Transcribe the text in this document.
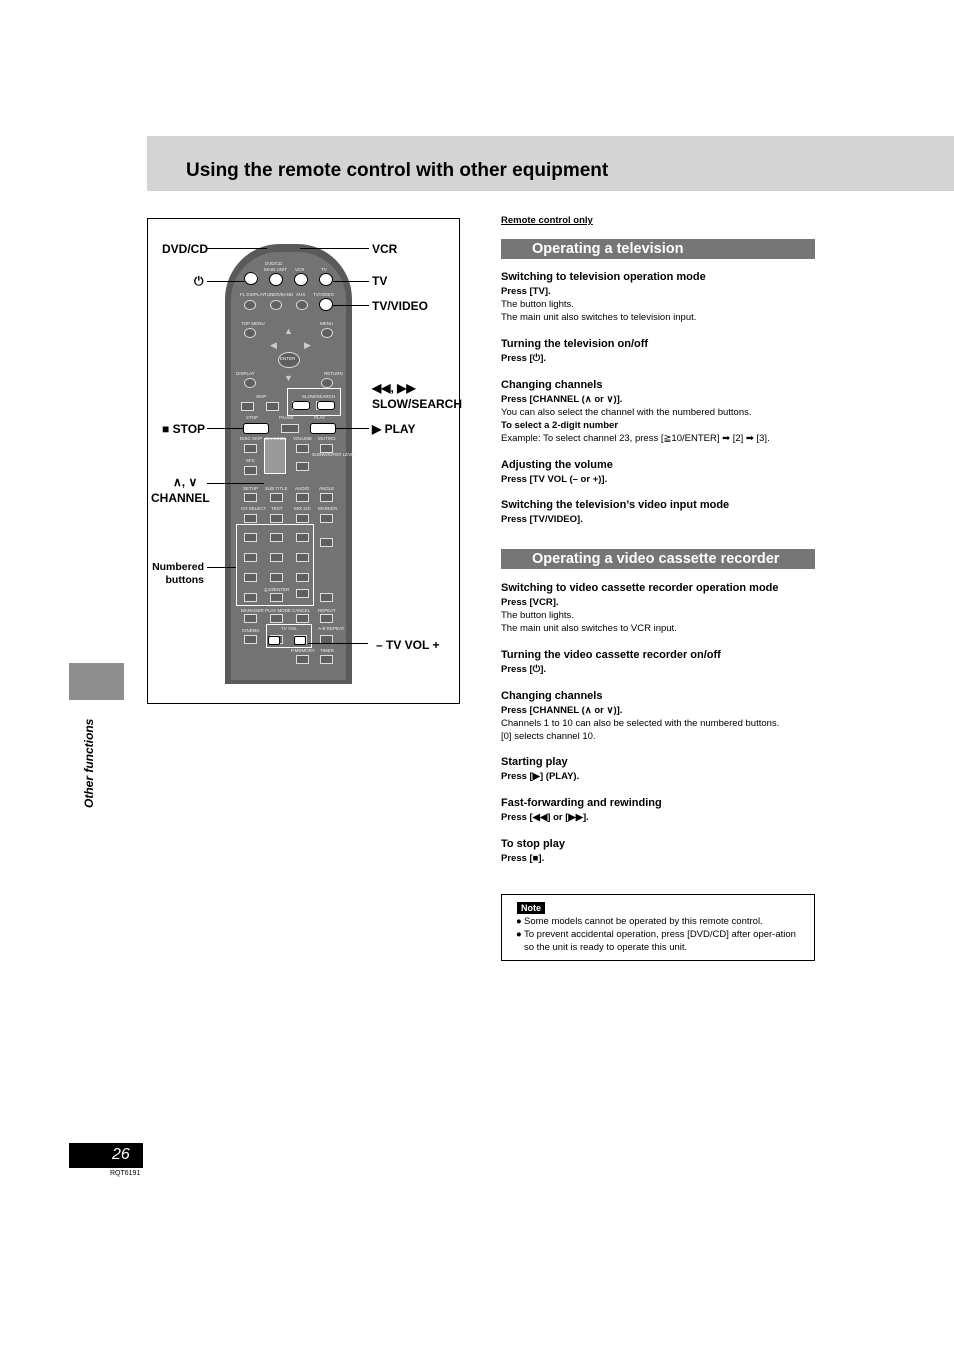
Using the remote control with other equipment
◀	▶
▲
▼
DVD/CD
MAIN UNIT VCR	TV
FL DISPLAY
TUNER/BAND AUX TV/VIDEO
TOP MENU	MENU
ENTER
DISPLAY	RETURN
SKIP	SLOW/SEARCH
STOP	PAUSE	PLAY
DISC SKIP CHANNEL VOLUME MUTING
SUBWOOFER LEVEL
SFC
SETUP SUB TITLE AUDIO ANGLE
CH SELECT TEST	MIX 2ch MARKER
MANAGER PLAY MODE CANCEL REPEAT
CINEMA	TV VOL	A-B REPEAT
P.MEMORY TIMER
≧10/ENTER
DVD/CD	VCR
⏻	TV
TV/VIDEO
◀◀, ▶▶
SLOW/SEARCH
■ STOP	▶ PLAY
∧, ∨
CHANNEL
Numbered
buttons
– TV VOL +
Other functions
26
RQT6191
Remote control only
Operating a television
Switching to television operation mode
Press [TV].
The button lights.
The main unit also switches to television input.
Turning the television on/off
Press [⏻].
Changing channels
Press [CHANNEL (∧ or ∨)].
You can also select the channel with the numbered buttons.
To select a 2-digit number
Example: To select channel 23, press [≧10/ENTER] ➡ [2] ➡ [3].
Adjusting the volume
Press [TV VOL (– or +)].
Switching the television’s video input mode
Press [TV/VIDEO].
Operating a video cassette recorder
Switching to video cassette recorder operation mode
Press [VCR].
The button lights.
The main unit also switches to VCR input.
Turning the video cassette recorder on/off
Press [⏻].
Changing channels
Press [CHANNEL (∧ or ∨)].
Channels 1 to 10 can also be selected with the numbered buttons.
[0] selects channel 10.
Starting play
Press [▶] (PLAY).
Fast-forwarding and rewinding
Press [◀◀] or [▶▶].
To stop play
Press [■].
Note
● Some models cannot be operated by this remote control.
● To prevent accidental operation, press [DVD/CD] after oper-ation so the unit is ready to operate this unit.
